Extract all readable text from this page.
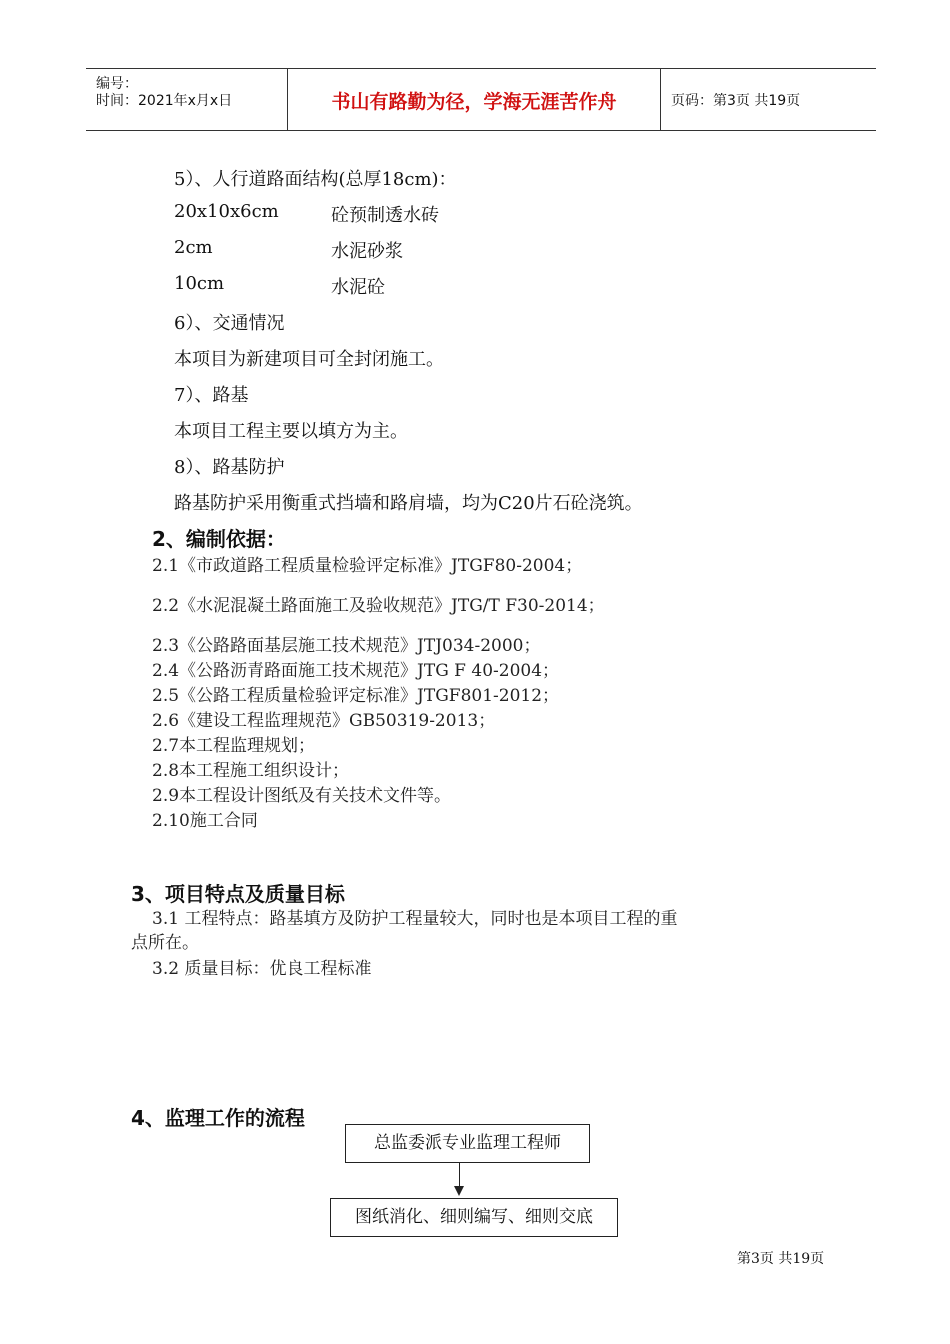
编号：
时间：2021年x月x日	书山有路勤为径，学海无涯苦作舟	页码：第3页 共19页
5）、人行道路面结构(总厚18cm)：
20x10x6cm	砼预制透水砖
2cm	水泥砂浆
10cm	水泥砼
6）、交通情况
本项目为新建项目可全封闭施工。
7）、路基
本项目工程主要以填方为主。
8）、路基防护
路基防护采用衡重式挡墙和路肩墙，均为C20片石砼浇筑。
2、编制依据：
2.1《市政道路工程质量检验评定标准》JTGF80-2004；
2.2《水泥混凝土路面施工及验收规范》JTG/T F30-2014；
2.3《公路路面基层施工技术规范》JTJ034-2000；
2.4《公路沥青路面施工技术规范》JTG F 40-2004；
2.5《公路工程质量检验评定标准》JTGF801-2012；
2.6《建设工程监理规范》GB50319-2013；
2.7本工程监理规划；
2.8本工程施工组织设计；
2.9本工程设计图纸及有关技术文件等。
2.10施工合同
3、项目特点及质量目标
3.1 工程特点：路基填方及防护工程量较大，同时也是本项目工程的重
点所在。
3.2 质量目标：优良工程标准
4、监理工作的流程
总监委派专业监理工程师
图纸消化、细则编写、细则交底
第3页 共19页
